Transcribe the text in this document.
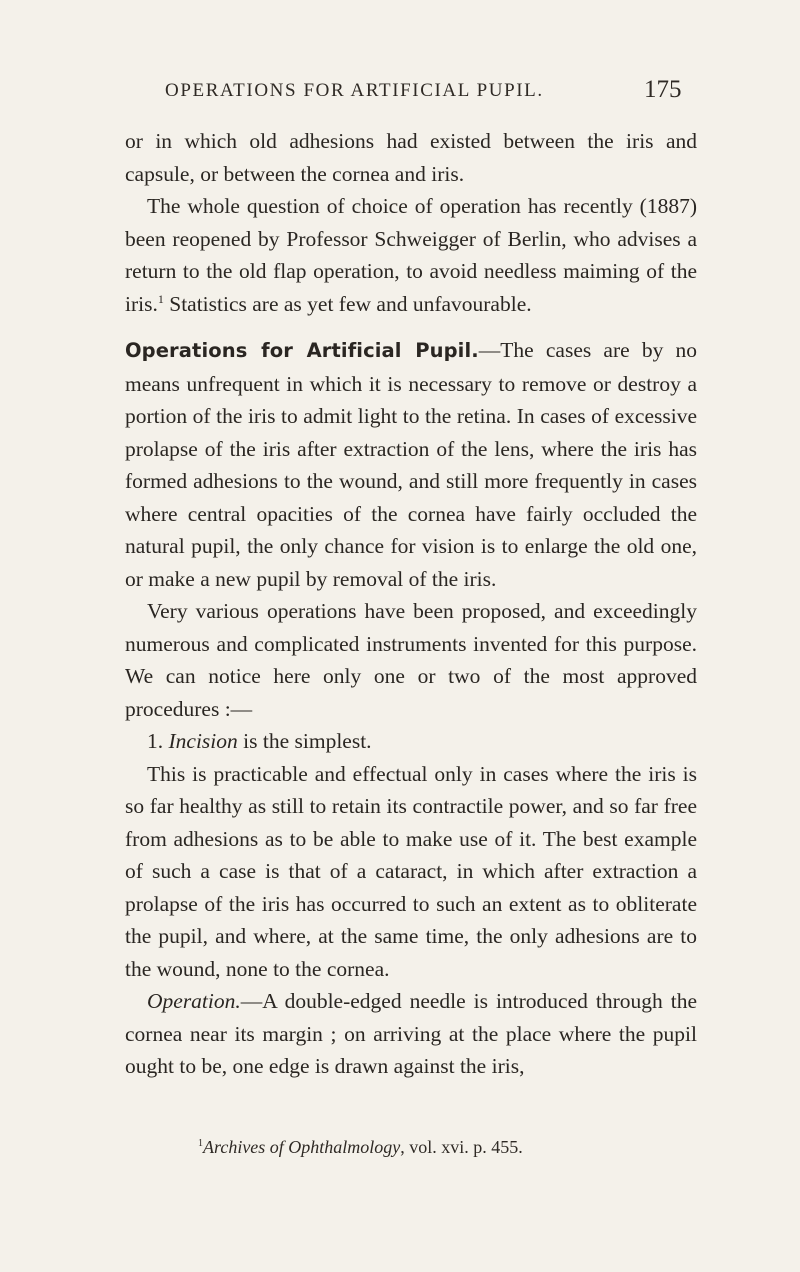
OPERATIONS FOR ARTIFICIAL PUPIL.	175

or in which old adhesions had existed between the iris and capsule, or between the cornea and iris.

The whole question of choice of operation has recently (1887) been reopened by Professor Schweigger of Berlin, who advises a return to the old flap operation, to avoid needless maiming of the iris.$^1$ Statistics are as yet few and unfavourable.

Operations for Artificial Pupil.—The cases are by no means unfrequent in which it is necessary to remove or destroy a portion of the iris to admit light to the retina. In cases of excessive prolapse of the iris after extraction of the lens, where the iris has formed adhesions to the wound, and still more frequently in cases where central opacities of the cornea have fairly occluded the natural pupil, the only chance for vision is to enlarge the old one, or make a new pupil by removal of the iris.

Very various operations have been proposed, and exceedingly numerous and complicated instruments invented for this purpose. We can notice here only one or two of the most approved procedures :—

1. Incision is the simplest.

This is practicable and effectual only in cases where the iris is so far healthy as still to retain its contractile power, and so far free from adhesions as to be able to make use of it. The best example of such a case is that of a cataract, in which after extraction a prolapse of the iris has occurred to such an extent as to obliterate the pupil, and where, at the same time, the only adhesions are to the wound, none to the cornea.

Operation.—A double-edged needle is introduced through the cornea near its margin ; on arriving at the place where the pupil ought to be, one edge is drawn against the iris,

$^1$Archives of Ophthalmology, vol. xvi. p. 455.
